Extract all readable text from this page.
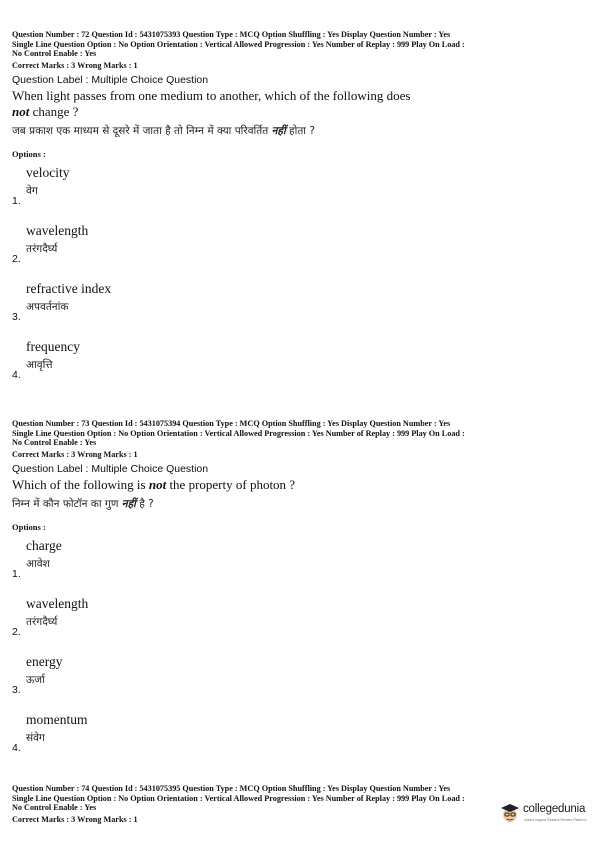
Question Number : 72 Question Id : 5431075393 Question Type : MCQ Option Shuffling : Yes Display Question Number : Yes
Single Line Question Option : No Option Orientation : Vertical Allowed Progression : Yes Number of Replay : 999 Play On Load :
No Control Enable : Yes
Correct Marks : 3 Wrong Marks : 1
Question Label : Multiple Choice Question
When light passes from one medium to another, which of the following does
not change ?
जब प्रकाश एक माध्यम से दूसरे में जाता है तो निम्न में क्या परिवर्तित नहीं होता ?
Options :
velocity
वेग
1.
wavelength
तरंगदैर्घ्य
2.
refractive index
अपवर्तनांक
3.
frequency
आवृत्ति
4.
Question Number : 73 Question Id : 5431075394 Question Type : MCQ Option Shuffling : Yes Display Question Number : Yes
Single Line Question Option : No Option Orientation : Vertical Allowed Progression : Yes Number of Replay : 999 Play On Load :
No Control Enable : Yes
Correct Marks : 3 Wrong Marks : 1
Question Label : Multiple Choice Question
Which of the following is not the property of photon ?
निम्न में कौन फोटॉन का गुण नहीं है ?
Options :
charge
आवेश
1.
wavelength
तरंगदैर्घ्य
2.
energy
ऊर्जा
3.
momentum
संवेग
4.
Question Number : 74 Question Id : 5431075395 Question Type : MCQ Option Shuffling : Yes Display Question Number : Yes
Single Line Question Option : No Option Orientation : Vertical Allowed Progression : Yes Number of Replay : 999 Play On Load :
No Control Enable : Yes
Correct Marks : 3 Wrong Marks : 1
collegedunia
India's largest Student Review Platform
